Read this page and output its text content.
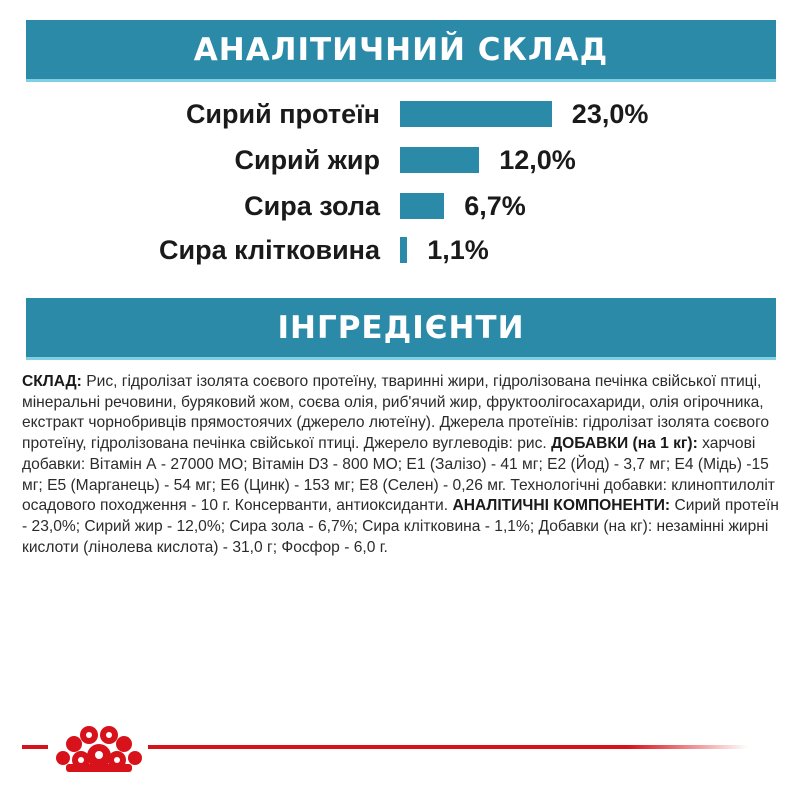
АНАЛІТИЧНИЙ СКЛАД
Сирий протеїн	23,0%
Сирий жир	12,0%
Сира зола	6,7%
Сира клітковина 1,1%
ІНГРЕДІЄНТИ
СКЛАД: Рис, гідролізат ізолята соєвого протеїну, тваринні жири, гідролізована печінка свійської птиці, мінеральні речовини, буряковий жом, соєва олія, риб'ячий жир, фруктоолігосахариди, олія огірочника, екстракт чорнобривців прямостоячих (джерело лютеїну). Джерела протеїнів: гідролізат ізолята соєвого протеїну, гідролізована печінка свійської птиці. Джерело вуглеводів: рис. ДОБАВКИ (на 1 кг): харчові добавки: Вітамін А - 27000 МО; Вітамін D3 - 800 МО; Е1 (Залізо) - 41 мг; Е2 (Йод) - 3,7 мг; Е4 (Мідь) -15 мг; Е5 (Марганець) - 54 мг; Е6 (Цинк) - 153 мг; Е8 (Селен) - 0,26 мг. Технологічні добавки: клиноптилоліт осадового походження - 10 г. Консерванти, антиоксиданти. АНАЛІТИЧНІ КОМПОНЕНТИ: Сирий протеїн - 23,0%; Сирий жир - 12,0%; Сира зола - 6,7%; Сира клітковина - 1,1%; Добавки (на кг): незамінні жирні кислоти (лінолева кислота) - 31,0 г; Фосфор - 6,0 г.
